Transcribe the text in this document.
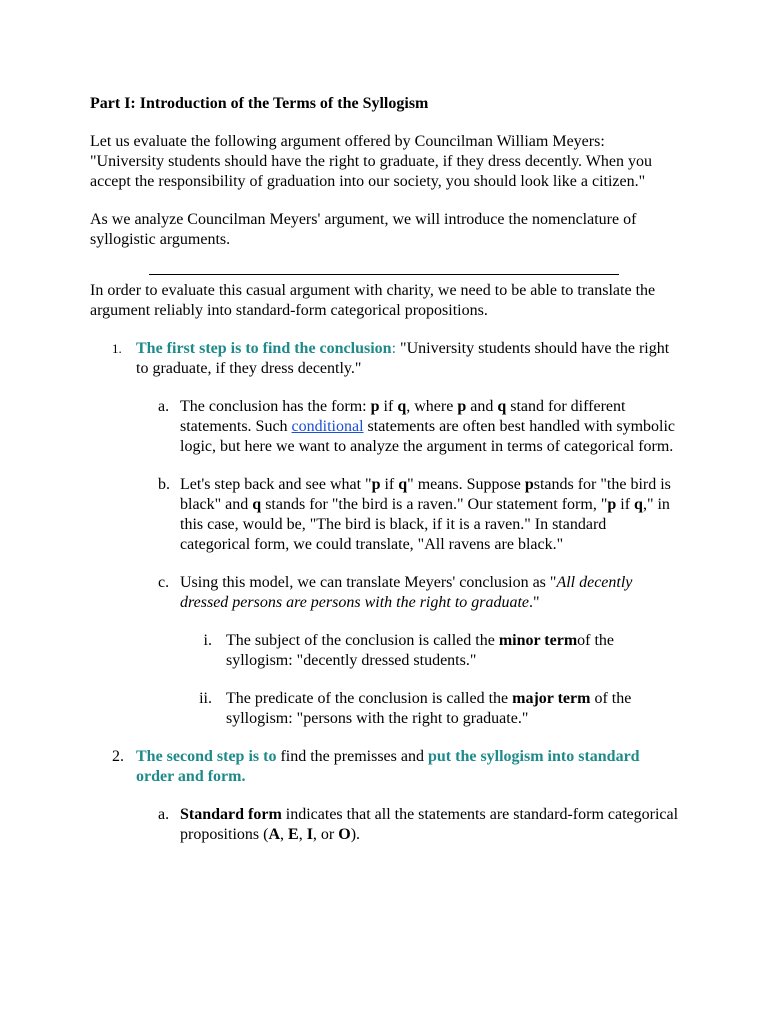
Part I: Introduction of the Terms of the Syllogism

Let us evaluate the following argument offered by Councilman William Meyers: "University students should have the right to graduate, if they dress decently. When you accept the responsibility of graduation into our society, you should look like a citizen."

As we analyze Councilman Meyers' argument, we will introduce the nomenclature of syllogistic arguments.

In order to evaluate this casual argument with charity, we need to be able to translate the argument reliably into standard-form categorical propositions.

1. The first step is to find the conclusion: "University students should have the right to graduate, if they dress decently."

a. The conclusion has the form: p if q, where p and q stand for different statements. Such conditional statements are often best handled with symbolic logic, but here we want to analyze the argument in terms of categorical form.

b. Let's step back and see what "p if q" means. Suppose pstands for "the bird is black" and q stands for "the bird is a raven." Our statement form, "p if q," in this case, would be, "The bird is black, if it is a raven." In standard categorical form, we could translate, "All ravens are black."

c. Using this model, we can translate Meyers' conclusion as "All decently dressed persons are persons with the right to graduate."

i. The subject of the conclusion is called the minor termof the syllogism: "decently dressed students."

ii. The predicate of the conclusion is called the major term of the syllogism: "persons with the right to graduate."

2. The second step is to find the premisses and put the syllogism into standard order and form.

a. Standard form indicates that all the statements are standard-form categorical propositions (A, E, I, or O).
